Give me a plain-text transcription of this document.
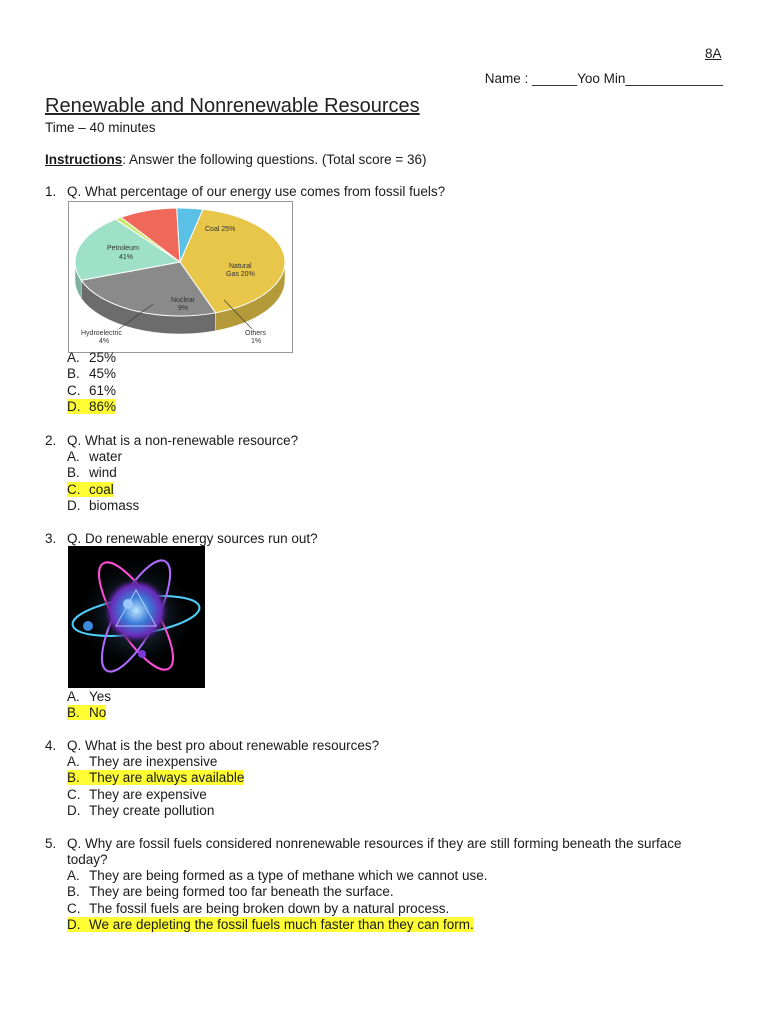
8A
Name : ______Yoo Min_____________
Renewable and Nonrenewable Resources
Time – 40 minutes
Instructions: Answer the following questions. (Total score = 36)
1. Q. What percentage of our energy use comes from fossil fuels?
Petroleum
41%
Coal 25%
Natural
Gas 20%
Nuclear
9%
Hydroelectric
4%
Others
1%
A. 25%
B. 45%
C. 61%
D. 86%
2. Q. What is a non-renewable resource?
A. water
B. wind
C. coal
D. biomass
3. Q. Do renewable energy sources run out?
A. Yes
B. No
4. Q. What is the best pro about renewable resources?
A. They are inexpensive
B. They are always available
C. They are expensive
D. They create pollution
5. Q. Why are fossil fuels considered nonrenewable resources if they are still forming beneath the surface
today?
A. They are being formed as a type of methane which we cannot use.
B. They are being formed too far beneath the surface.
C. The fossil fuels are being broken down by a natural process.
D. We are depleting the fossil fuels much faster than they can form.
